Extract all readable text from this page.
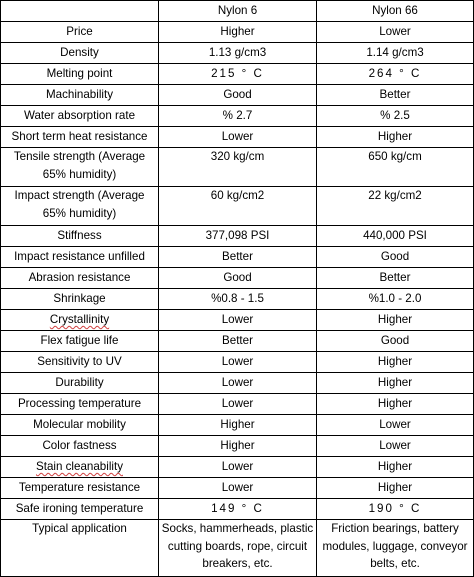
	Nylon 6	Nylon 66
Price	Higher	Lower
Density	1.13 g/cm3	1.14 g/cm3
Melting point	215 ° C	264 ° C
Machinability	Good	Better
Water absorption rate	% 2.7	% 2.5
Short term heat resistance	Lower	Higher
Tensile strength (Average 65% humidity)	320 kg/cm	650 kg/cm
Impact strength (Average 65% humidity)	60 kg/cm2	22 kg/cm2
Stiffness	377,098 PSI	440,000 PSI
Impact resistance unfilled	Better	Good
Abrasion resistance	Good	Better
Shrinkage	%0.8 - 1.5	%1.0 - 2.0
Crystallinity	Lower	Higher
Flex fatigue life	Better	Good
Sensitivity to UV	Lower	Higher
Durability	Lower	Higher
Processing temperature	Lower	Higher
Molecular mobility	Higher	Lower
Color fastness	Higher	Lower
Stain cleanability	Lower	Higher
Temperature resistance	Lower	Higher
Safe ironing temperature	149 ° C	190 ° C
Typical application	Socks, hammerheads, plastic cutting boards, rope, circuit breakers, etc.	Friction bearings, battery modules, luggage, conveyor belts, etc.
